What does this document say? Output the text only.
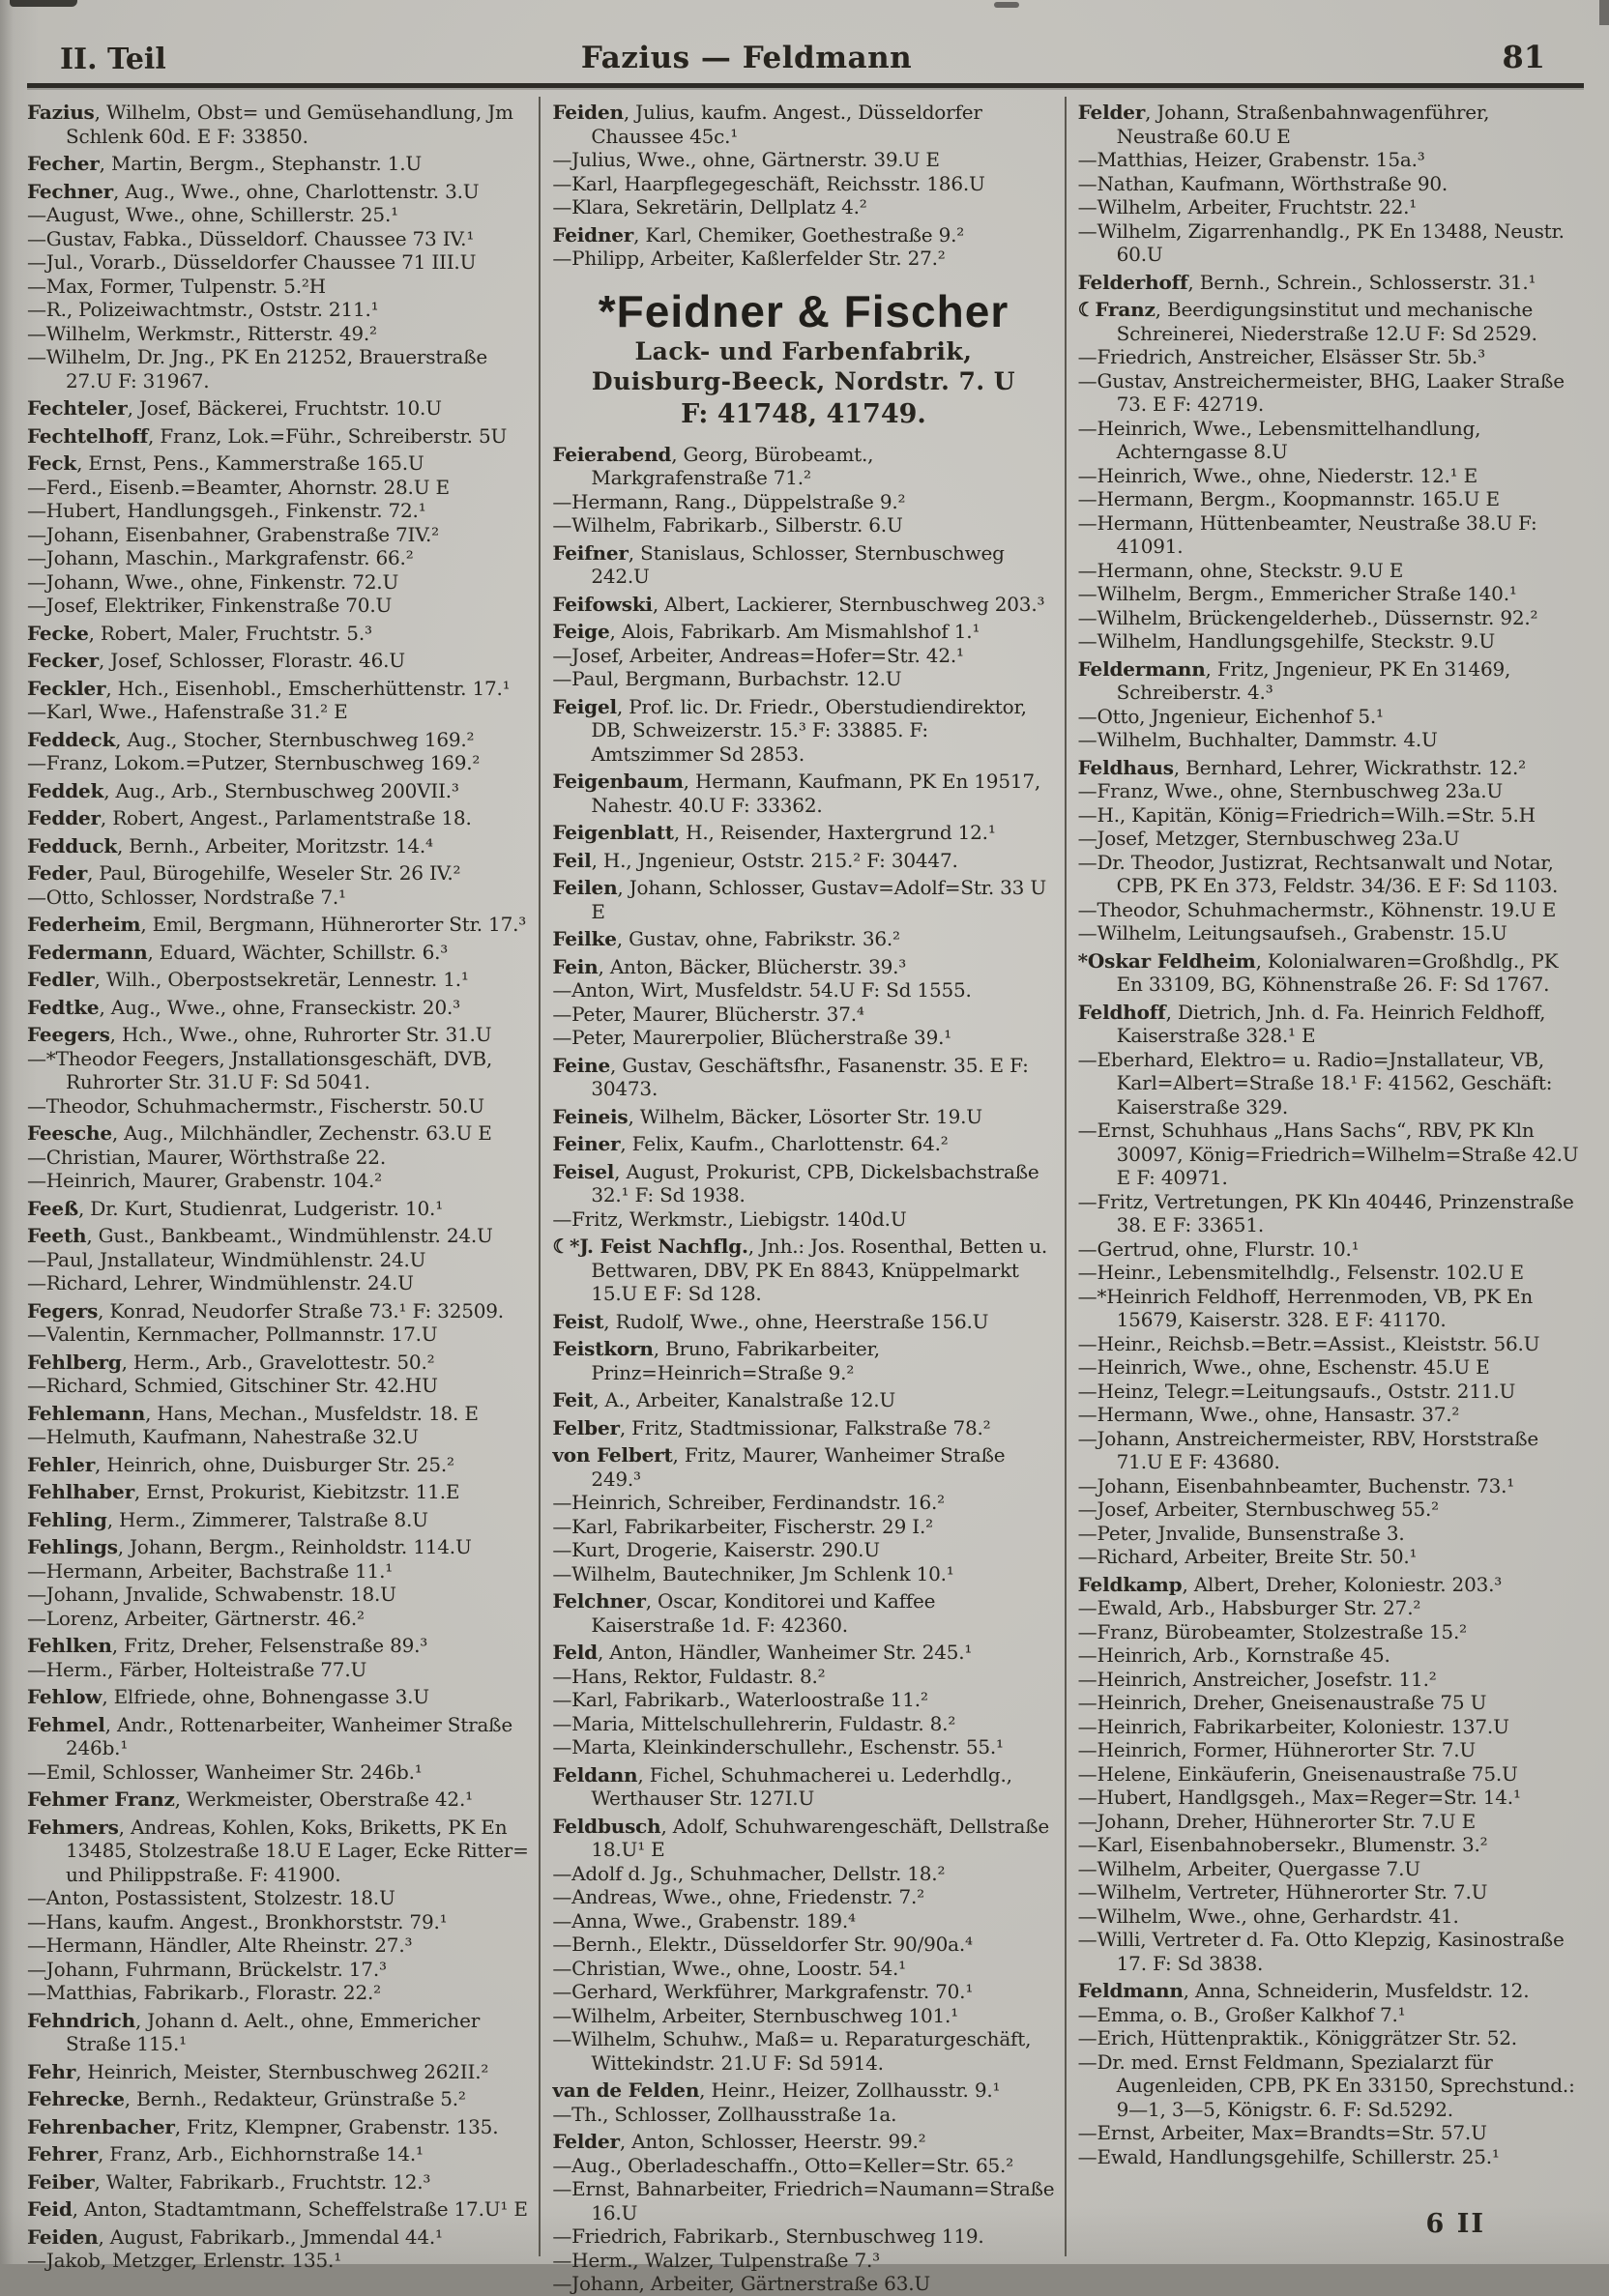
II. Teil	Fazius — Feldmann	81

Fazius, Wilhelm, Obst= und Gemüsehandlung, Jm Schlenk 60d. E F: 33850.

Fecher, Martin, Bergm., Stephanstr. 1.U

Fechner, Aug., Wwe., ohne, Charlottenstr. 3.U

—August, Wwe., ohne, Schillerstr. 25.¹

—Gustav, Fabka., Düsseldorf. Chaussee 73 IV.¹

—Jul., Vorarb., Düsseldorfer Chaussee 71 III.U

—Max, Former, Tulpenstr. 5.²H

—R., Polizeiwachtmstr., Oststr. 211.¹

—Wilhelm, Werkmstr., Ritterstr. 49.²

—Wilhelm, Dr. Jng., PK En 21252, Brauerstraße 27.U F: 31967.

Fechteler, Josef, Bäckerei, Fruchtstr. 10.U

Fechtelhoff, Franz, Lok.=Führ., Schreiberstr. 5U

Feck, Ernst, Pens., Kammerstraße 165.U

—Ferd., Eisenb.=Beamter, Ahornstr. 28.U E

—Hubert, Handlungsgeh., Finkenstr. 72.¹

—Johann, Eisenbahner, Grabenstraße 7IV.²

—Johann, Maschin., Markgrafenstr. 66.²

—Johann, Wwe., ohne, Finkenstr. 72.U

—Josef, Elektriker, Finkenstraße 70.U

Fecke, Robert, Maler, Fruchtstr. 5.³

Fecker, Josef, Schlosser, Florastr. 46.U

Feckler, Hch., Eisenhobl., Emscherhüttenstr. 17.¹

—Karl, Wwe., Hafenstraße 31.² E

Feddeck, Aug., Stocher, Sternbuschweg 169.²

—Franz, Lokom.=Putzer, Sternbuschweg 169.²

Feddek, Aug., Arb., Sternbuschweg 200VII.³

Fedder, Robert, Angest., Parlamentstraße 18.

Fedduck, Bernh., Arbeiter, Moritzstr. 14.⁴

Feder, Paul, Bürogehilfe, Weseler Str. 26 IV.²

—Otto, Schlosser, Nordstraße 7.¹

Federheim, Emil, Bergmann, Hühnerorter Str. 17.³

Federmann, Eduard, Wächter, Schillstr. 6.³

Fedler, Wilh., Oberpostsekretär, Lennestr. 1.¹

Fedtke, Aug., Wwe., ohne, Franseckistr. 20.³

Feegers, Hch., Wwe., ohne, Ruhrorter Str. 31.U

—*Theodor Feegers, Jnstallationsgeschäft, DVB, Ruhrorter Str. 31.U F: Sd 5041.

—Theodor, Schuhmachermstr., Fischerstr. 50.U

Feesche, Aug., Milchhändler, Zechenstr. 63.U E

—Christian, Maurer, Wörthstraße 22.

—Heinrich, Maurer, Grabenstr. 104.²

Feeß, Dr. Kurt, Studienrat, Ludgeristr. 10.¹

Feeth, Gust., Bankbeamt., Windmühlenstr. 24.U

—Paul, Jnstallateur, Windmühlenstr. 24.U

—Richard, Lehrer, Windmühlenstr. 24.U

Fegers, Konrad, Neudorfer Straße 73.¹ F: 32509.

—Valentin, Kernmacher, Pollmannstr. 17.U

Fehlberg, Herm., Arb., Gravelottestr. 50.²

—Richard, Schmied, Gitschiner Str. 42.HU

Fehlemann, Hans, Mechan., Musfeldstr. 18. E

—Helmuth, Kaufmann, Nahestraße 32.U

Fehler, Heinrich, ohne, Duisburger Str. 25.²

Fehlhaber, Ernst, Prokurist, Kiebitzstr. 11.E

Fehling, Herm., Zimmerer, Talstraße 8.U

Fehlings, Johann, Bergm., Reinholdstr. 114.U

—Hermann, Arbeiter, Bachstraße 11.¹

—Johann, Jnvalide, Schwabenstr. 18.U

—Lorenz, Arbeiter, Gärtnerstr. 46.²

Fehlken, Fritz, Dreher, Felsenstraße 89.³

—Herm., Färber, Holteistraße 77.U

Fehlow, Elfriede, ohne, Bohnengasse 3.U

Fehmel, Andr., Rottenarbeiter, Wanheimer Straße 246b.¹

—Emil, Schlosser, Wanheimer Str. 246b.¹

Fehmer Franz, Werkmeister, Oberstraße 42.¹

Fehmers, Andreas, Kohlen, Koks, Briketts, PK En 13485, Stolzestraße 18.U E Lager, Ecke Ritter= und Philippstraße. F: 41900.

—Anton, Postassistent, Stolzestr. 18.U

—Hans, kaufm. Angest., Bronkhorststr. 79.¹

—Hermann, Händler, Alte Rheinstr. 27.³

—Johann, Fuhrmann, Brückelstr. 17.³

—Matthias, Fabrikarb., Florastr. 22.²

Fehndrich, Johann d. Aelt., ohne, Emmericher Straße 115.¹

Fehr, Heinrich, Meister, Sternbuschweg 262II.²

Fehrecke, Bernh., Redakteur, Grünstraße 5.²

Fehrenbacher, Fritz, Klempner, Grabenstr. 135.

Fehrer, Franz, Arb., Eichhornstraße 14.¹

Feiber, Walter, Fabrikarb., Fruchtstr. 12.³

Feid, Anton, Stadtamtmann, Scheffelstraße 17.U¹ E

Feiden, August, Fabrikarb., Jmmendal 44.¹

—Jakob, Metzger, Erlenstr. 135.¹

Feiden, Julius, kaufm. Angest., Düsseldorfer Chaussee 45c.¹

—Julius, Wwe., ohne, Gärtnerstr. 39.U E

—Karl, Haarpflegegeschäft, Reichsstr. 186.U

—Klara, Sekretärin, Dellplatz 4.²

Feidner, Karl, Chemiker, Goethestraße 9.²

—Philipp, Arbeiter, Kaßlerfelder Str. 27.²

*Feidner & Fischer
Lack- und Farbenfabrik,
Duisburg-Beeck, Nordstr. 7. U
F: 41748, 41749.

Feierabend, Georg, Bürobeamt., Markgrafenstraße 71.²

—Hermann, Rang., Düppelstraße 9.²

—Wilhelm, Fabrikarb., Silberstr. 6.U

Feifner, Stanislaus, Schlosser, Sternbuschweg 242.U

Feifowski, Albert, Lackierer, Sternbuschweg 203.³

Feige, Alois, Fabrikarb. Am Mismahlshof 1.¹

—Josef, Arbeiter, Andreas=Hofer=Str. 42.¹

—Paul, Bergmann, Burbachstr. 12.U

Feigel, Prof. lic. Dr. Friedr., Oberstudiendirektor, DB, Schweizerstr. 15.³ F: 33885. F: Amtszimmer Sd 2853.

Feigenbaum, Hermann, Kaufmann, PK En 19517, Nahestr. 40.U F: 33362.

Feigenblatt, H., Reisender, Haxtergrund 12.¹

Feil, H., Jngenieur, Oststr. 215.² F: 30447.

Feilen, Johann, Schlosser, Gustav=Adolf=Str. 33 U E

Feilke, Gustav, ohne, Fabrikstr. 36.²

Fein, Anton, Bäcker, Blücherstr. 39.³

—Anton, Wirt, Musfeldstr. 54.U F: Sd 1555.

—Peter, Maurer, Blücherstr. 37.⁴

—Peter, Maurerpolier, Blücherstraße 39.¹

Feine, Gustav, Geschäftsfhr., Fasanenstr. 35. E F: 30473.

Feineis, Wilhelm, Bäcker, Lösorter Str. 19.U

Feiner, Felix, Kaufm., Charlottenstr. 64.²

Feisel, August, Prokurist, CPB, Dickelsbachstraße 32.¹ F: Sd 1938.

—Fritz, Werkmstr., Liebigstr. 140d.U

☾*J. Feist Nachflg., Jnh.: Jos. Rosenthal, Betten u. Bettwaren, DBV, PK En 8843, Knüppelmarkt 15.U E F: Sd 128.

Feist, Rudolf, Wwe., ohne, Heerstraße 156.U

Feistkorn, Bruno, Fabrikarbeiter, Prinz=Heinrich=Straße 9.²

Feit, A., Arbeiter, Kanalstraße 12.U

Felber, Fritz, Stadtmissionar, Falkstraße 78.²

von Felbert, Fritz, Maurer, Wanheimer Straße 249.³

—Heinrich, Schreiber, Ferdinandstr. 16.²

—Karl, Fabrikarbeiter, Fischerstr. 29 I.²

—Kurt, Drogerie, Kaiserstr. 290.U

—Wilhelm, Bautechniker, Jm Schlenk 10.¹

Felchner, Oscar, Konditorei und Kaffee Kaiserstraße 1d. F: 42360.

Feld, Anton, Händler, Wanheimer Str. 245.¹

—Hans, Rektor, Fuldastr. 8.²

—Karl, Fabrikarb., Waterloostraße 11.²

—Maria, Mittelschullehrerin, Fuldastr. 8.²

—Marta, Kleinkinderschullehr., Eschenstr. 55.¹

Feldann, Fichel, Schuhmacherei u. Lederhdlg., Werthauser Str. 127I.U

Feldbusch, Adolf, Schuhwarengeschäft, Dellstraße 18.U¹ E

—Adolf d. Jg., Schuhmacher, Dellstr. 18.²

—Andreas, Wwe., ohne, Friedenstr. 7.²

—Anna, Wwe., Grabenstr. 189.⁴

—Bernh., Elektr., Düsseldorfer Str. 90/90a.⁴

—Christian, Wwe., ohne, Loostr. 54.¹

—Gerhard, Werkführer, Markgrafenstr. 70.¹

—Wilhelm, Arbeiter, Sternbuschweg 101.¹

—Wilhelm, Schuhw., Maß= u. Reparaturgeschäft, Wittekindstr. 21.U F: Sd 5914.

van de Felden, Heinr., Heizer, Zollhausstr. 9.¹

—Th., Schlosser, Zollhausstraße 1a.

Felder, Anton, Schlosser, Heerstr. 99.²

—Aug., Oberladeschaffn., Otto=Keller=Str. 65.²

—Ernst, Bahnarbeiter, Friedrich=Naumann=Straße 16.U

—Friedrich, Fabrikarb., Sternbuschweg 119.

—Herm., Walzer, Tulpenstraße 7.³

—Johann, Arbeiter, Gärtnerstraße 63.U

Felder, Johann, Straßenbahnwagenführer, Neustraße 60.U E

—Matthias, Heizer, Grabenstr. 15a.³

—Nathan, Kaufmann, Wörthstraße 90.

—Wilhelm, Arbeiter, Fruchtstr. 22.¹

—Wilhelm, Zigarrenhandlg., PK En 13488, Neustr. 60.U

Felderhoff, Bernh., Schrein., Schlosserstr. 31.¹

☾Franz, Beerdigungsinstitut und mechanische Schreinerei, Niederstraße 12.U F: Sd 2529.

—Friedrich, Anstreicher, Elsässer Str. 5b.³

—Gustav, Anstreichermeister, BHG, Laaker Straße 73. E F: 42719.

—Heinrich, Wwe., Lebensmittelhandlung, Achterngasse 8.U

—Heinrich, Wwe., ohne, Niederstr. 12.¹ E

—Hermann, Bergm., Koopmannstr. 165.U E

—Hermann, Hüttenbeamter, Neustraße 38.U F: 41091.

—Hermann, ohne, Steckstr. 9.U E

—Wilhelm, Bergm., Emmericher Straße 140.¹

—Wilhelm, Brückengelderheb., Düssernstr. 92.²

—Wilhelm, Handlungsgehilfe, Steckstr. 9.U

Feldermann, Fritz, Jngenieur, PK En 31469, Schreiberstr. 4.³

—Otto, Jngenieur, Eichenhof 5.¹

—Wilhelm, Buchhalter, Dammstr. 4.U

Feldhaus, Bernhard, Lehrer, Wickrathstr. 12.²

—Franz, Wwe., ohne, Sternbuschweg 23a.U

—H., Kapitän, König=Friedrich=Wilh.=Str. 5.H

—Josef, Metzger, Sternbuschweg 23a.U

—Dr. Theodor, Justizrat, Rechtsanwalt und Notar, CPB, PK En 373, Feldstr. 34/36. E F: Sd 1103.

—Theodor, Schuhmachermstr., Köhnenstr. 19.U E

—Wilhelm, Leitungsaufseh., Grabenstr. 15.U

*Oskar Feldheim, Kolonialwaren=Großhdlg., PK En 33109, BG, Köhnenstraße 26. F: Sd 1767.

Feldhoff, Dietrich, Jnh. d. Fa. Heinrich Feldhoff, Kaiserstraße 328.¹ E

—Eberhard, Elektro= u. Radio=Jnstallateur, VB, Karl=Albert=Straße 18.¹ F: 41562, Geschäft: Kaiserstraße 329.

—Ernst, Schuhhaus „Hans Sachs“, RBV, PK Kln 30097, König=Friedrich=Wilhelm=Straße 42.U E F: 40971.

—Fritz, Vertretungen, PK Kln 40446, Prinzenstraße 38. E F: 33651.

—Gertrud, ohne, Flurstr. 10.¹

—Heinr., Lebensmitelhdlg., Felsenstr. 102.U E

—*Heinrich Feldhoff, Herrenmoden, VB, PK En 15679, Kaiserstr. 328. E F: 41170.

—Heinr., Reichsb.=Betr.=Assist., Kleiststr. 56.U

—Heinrich, Wwe., ohne, Eschenstr. 45.U E

—Heinz, Telegr.=Leitungsaufs., Oststr. 211.U

—Hermann, Wwe., ohne, Hansastr. 37.²

—Johann, Anstreichermeister, RBV, Horststraße 71.U E F: 43680.

—Johann, Eisenbahnbeamter, Buchenstr. 73.¹

—Josef, Arbeiter, Sternbuschweg 55.²

—Peter, Jnvalide, Bunsenstraße 3.

—Richard, Arbeiter, Breite Str. 50.¹

Feldkamp, Albert, Dreher, Koloniestr. 203.³

—Ewald, Arb., Habsburger Str. 27.²

—Franz, Bürobeamter, Stolzestraße 15.²

—Heinrich, Arb., Kornstraße 45.

—Heinrich, Anstreicher, Josefstr. 11.²

—Heinrich, Dreher, Gneisenaustraße 75 U

—Heinrich, Fabrikarbeiter, Koloniestr. 137.U

—Heinrich, Former, Hühnerorter Str. 7.U

—Helene, Einkäuferin, Gneisenaustraße 75.U

—Hubert, Handlgsgeh., Max=Reger=Str. 14.¹

—Johann, Dreher, Hühnerorter Str. 7.U E

—Karl, Eisenbahnobersekr., Blumenstr. 3.²

—Wilhelm, Arbeiter, Quergasse 7.U

—Wilhelm, Vertreter, Hühnerorter Str. 7.U

—Wilhelm, Wwe., ohne, Gerhardstr. 41.

—Willi, Vertreter d. Fa. Otto Klepzig, Kasinostraße 17. F: Sd 3838.

Feldmann, Anna, Schneiderin, Musfeldstr. 12.

—Emma, o. B., Großer Kalkhof 7.¹

—Erich, Hüttenpraktik., Königgrätzer Str. 52.

—Dr. med. Ernst Feldmann, Spezialarzt für Augenleiden, CPB, PK En 33150, Sprechstund.: 9—1, 3—5, Königstr. 6. F: Sd.5292.

—Ernst, Arbeiter, Max=Brandts=Str. 57.U

—Ewald, Handlungsgehilfe, Schillerstr. 25.¹

6 II
